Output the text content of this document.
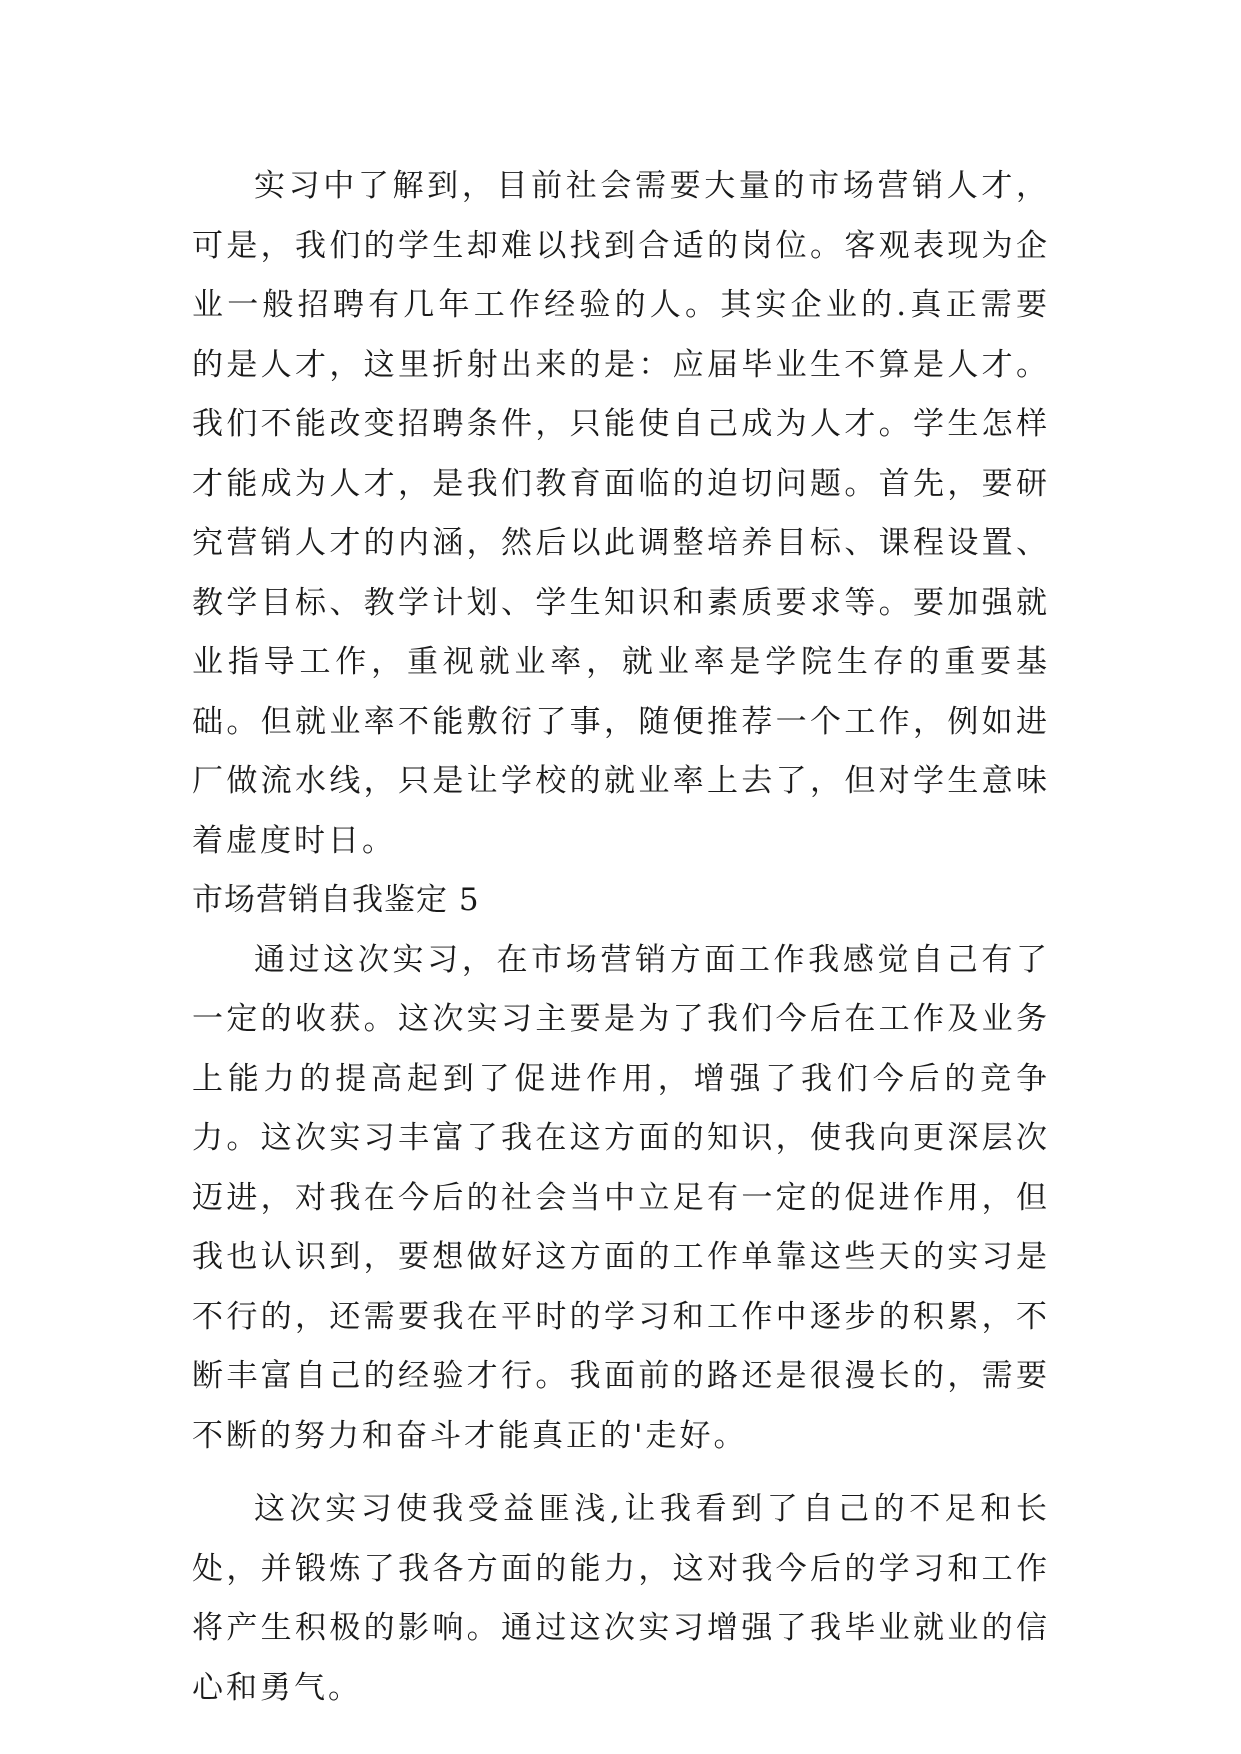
实习中了解到，目前社会需要大量的市场营销人才，可是，我们的学生却难以找到合适的岗位。客观表现为企业一般招聘有几年工作经验的人。其实企业的.真正需要的是人才，这里折射出来的是：应届毕业生不算是人才。我们不能改变招聘条件，只能使自己成为人才。学生怎样才能成为人才，是我们教育面临的迫切问题。首先，要研究营销人才的内涵，然后以此调整培养目标、课程设置、教学目标、教学计划、学生知识和素质要求等。要加强就业指导工作，重视就业率，就业率是学院生存的重要基础。但就业率不能敷衍了事，随便推荐一个工作，例如进厂做流水线，只是让学校的就业率上去了，但对学生意味着虚度时日。

市场营销自我鉴定 5

通过这次实习，在市场营销方面工作我感觉自己有了一定的收获。这次实习主要是为了我们今后在工作及业务上能力的提高起到了促进作用，增强了我们今后的竞争力。这次实习丰富了我在这方面的知识，使我向更深层次迈进，对我在今后的社会当中立足有一定的促进作用，但我也认识到，要想做好这方面的工作单靠这些天的实习是不行的，还需要我在平时的学习和工作中逐步的积累，不断丰富自己的经验才行。我面前的路还是很漫长的，需要不断的努力和奋斗才能真正的'走好。

这次实习使我受益匪浅,让我看到了自己的不足和长处，并锻炼了我各方面的能力，这对我今后的学习和工作将产生积极的影响。通过这次实习增强了我毕业就业的信心和勇气。
